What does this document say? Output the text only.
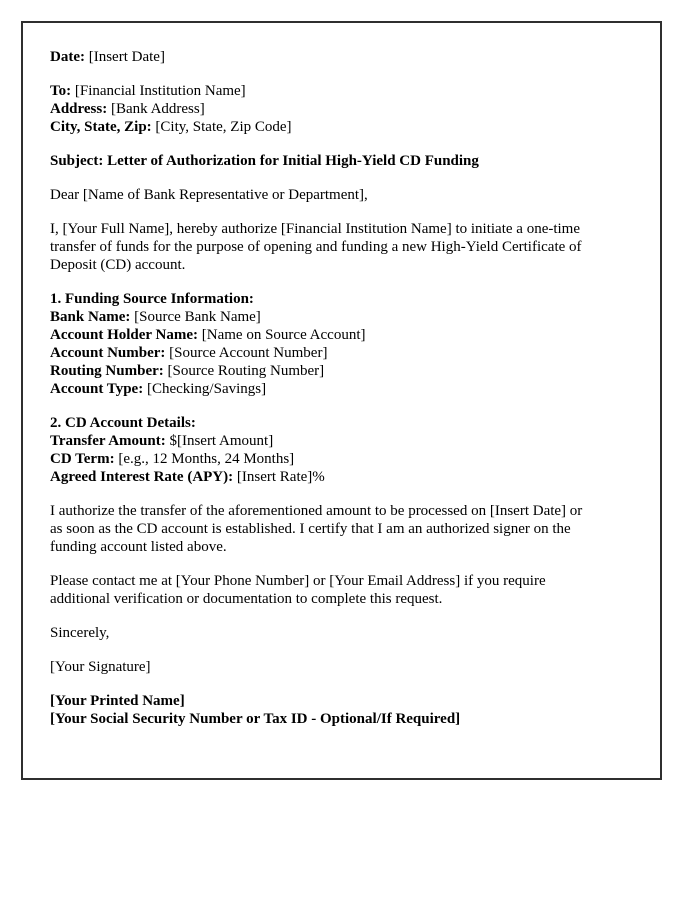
Date: [Insert Date]
To: [Financial Institution Name]
Address: [Bank Address]
City, State, Zip: [City, State, Zip Code]
Subject: Letter of Authorization for Initial High-Yield CD Funding
Dear [Name of Bank Representative or Department],
I, [Your Full Name], hereby authorize [Financial Institution Name] to initiate a one-time
transfer of funds for the purpose of opening and funding a new High-Yield Certificate of
Deposit (CD) account.
1. Funding Source Information:
Bank Name: [Source Bank Name]
Account Holder Name: [Name on Source Account]
Account Number: [Source Account Number]
Routing Number: [Source Routing Number]
Account Type: [Checking/Savings]
2. CD Account Details:
Transfer Amount: $[Insert Amount]
CD Term: [e.g., 12 Months, 24 Months]
Agreed Interest Rate (APY): [Insert Rate]%
I authorize the transfer of the aforementioned amount to be processed on [Insert Date] or
as soon as the CD account is established. I certify that I am an authorized signer on the
funding account listed above.
Please contact me at [Your Phone Number] or [Your Email Address] if you require
additional verification or documentation to complete this request.
Sincerely,
[Your Signature]
[Your Printed Name]
[Your Social Security Number or Tax ID - Optional/If Required]
